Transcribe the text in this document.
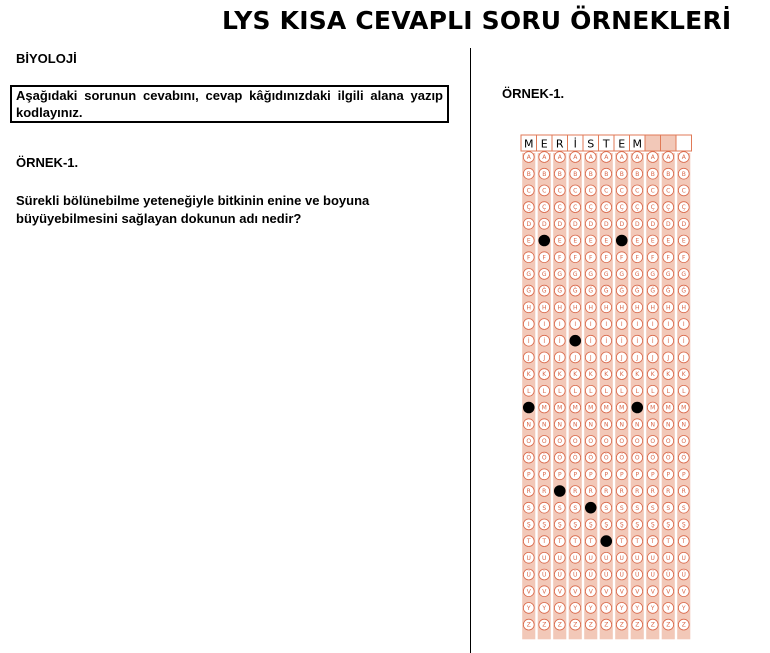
LYS KISA CEVAPLI SORU ÖRNEKLERİ
BİYOLOJİ
Aşağıdaki sorunun cevabını, cevap kâğıdınızdaki ilgili alana yazıp kodlayınız.
ÖRNEK-1.
Sürekli bölünebilme yeteneğiyle bitkinin enine ve boyuna büyüyebilmesini sağlayan dokunun adı nedir?
ÖRNEK-1.
M
A
B
C
Ç
D
E
F
G
Ğ
H
I
İ
J
K
L
N
O
Ö
P
R
S
Ş
T
U
Ü
V
Y
Z
E
A
B
C
Ç
D
F
G
Ğ
H
I
İ
J
K
L
M
N
O
Ö
P
R
S
Ş
T
U
Ü
V
Y
Z
R
A
B
C
Ç
D
E
F
G
Ğ
H
I
İ
J
K
L
M
N
O
Ö
P
S
Ş
T
U
Ü
V
Y
Z
İ
A
B
C
Ç
D
E
F
G
Ğ
H
I
J
K
L
M
N
O
Ö
P
R
S
Ş
T
U
Ü
V
Y
Z
S
A
B
C
Ç
D
E
F
G
Ğ
H
I
İ
J
K
L
M
N
O
Ö
P
R
Ş
T
U
Ü
V
Y
Z
T
A
B
C
Ç
D
E
F
G
Ğ
H
I
İ
J
K
L
M
N
O
Ö
P
R
S
Ş
U
Ü
V
Y
Z
E
A
B
C
Ç
D
F
G
Ğ
H
I
İ
J
K
L
M
N
O
Ö
P
R
S
Ş
T
U
Ü
V
Y
Z
M
A
B
C
Ç
D
E
F
G
Ğ
H
I
İ
J
K
L
N
O
Ö
P
R
S
Ş
T
U
Ü
V
Y
Z
A
B
C
Ç
D
E
F
G
Ğ
H
I
İ
J
K
L
M
N
O
Ö
P
R
S
Ş
T
U
Ü
V
Y
Z
A
B
C
Ç
D
E
F
G
Ğ
H
I
İ
J
K
L
M
N
O
Ö
P
R
S
Ş
T
U
Ü
V
Y
Z
A
B
C
Ç
D
E
F
G
Ğ
H
I
İ
J
K
L
M
N
O
Ö
P
R
S
Ş
T
U
Ü
V
Y
Z
